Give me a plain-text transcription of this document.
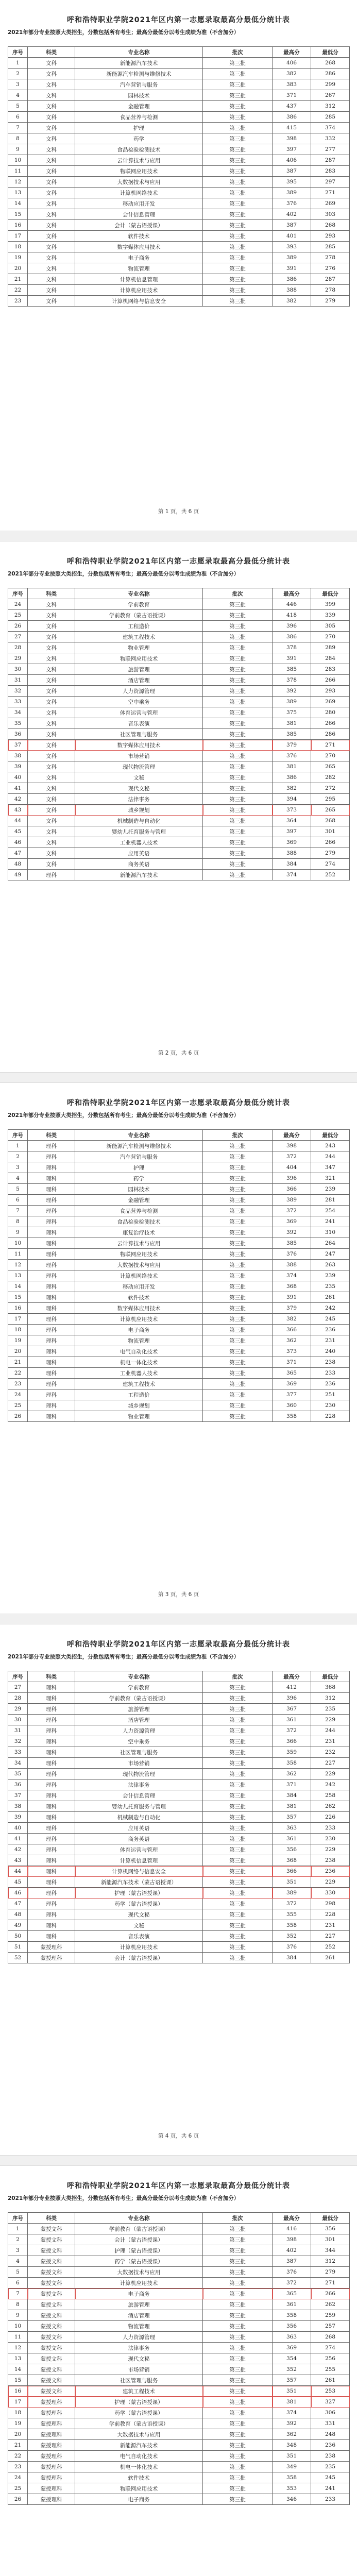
呼和浩特职业学院2021年区内第一志愿录取最高分最低分统计表
2021年部分专业按照大类招生，分数包括所有考生；最高分最低分以考生成绩为准（不含加分）
序号	科类	专业名称	批次	最高分	最低分
1	文科	新能源汽车技术	第三批	406	268
2	文科	新能源汽车检测与维修技术	第三批	382	286
3	文科	汽车营销与服务	第三批	383	299
4	文科	园林技术	第三批	371	267
5	文科	金融管理	第三批	437	312
6	文科	食品营养与检测	第三批	386	285
7	文科	护理	第三批	415	374
8	文科	药学	第三批	398	332
9	文科	食品检验检测技术	第三批	397	277
10	文科	云计算技术与应用	第三批	406	287
11	文科	物联网应用技术	第三批	387	283
12	文科	大数据技术与应用	第三批	395	297
13	文科	计算机网络技术	第三批	389	271
14	文科	移动应用开发	第三批	376	269
15	文科	会计信息管理	第三批	402	303
16	文科	会计（蒙古语授课）	第三批	387	268
17	文科	软件技术	第三批	401	293
18	文科	数字媒体应用技术	第三批	393	285
19	文科	电子商务	第三批	389	278
20	文科	物流管理	第三批	391	276
21	文科	计算机信息管理	第三批	386	287
22	文科	计算机应用技术	第三批	388	278
23	文科	计算机网络与信息安全	第三批	382	279
第 1 页，共 6 页
呼和浩特职业学院2021年区内第一志愿录取最高分最低分统计表
2021年部分专业按照大类招生，分数包括所有考生；最高分最低分以考生成绩为准（不含加分）
序号	科类	专业名称	批次	最高分	最低分
24	文科	学前教育	第三批	446	399
25	文科	学前教育（蒙古语授课）	第三批	418	339
26	文科	工程造价	第三批	396	305
27	文科	建筑工程技术	第三批	386	270
28	文科	物业管理	第三批	378	289
29	文科	物联网应用技术	第三批	391	284
30	文科	旅游管理	第三批	385	283
31	文科	酒店管理	第三批	378	266
32	文科	人力资源管理	第三批	392	293
33	文科	空中乘务	第三批	389	269
34	文科	体育运营与管理	第三批	375	280
35	文科	音乐表演	第三批	381	266
36	文科	社区管理与服务	第三批	385	286
37	文科	数字媒体应用技术	第三批	379	271
38	文科	市场营销	第三批	376	270
39	文科	现代物流管理	第三批	381	265
40	文科	文秘	第三批	386	282
41	文科	现代文秘	第三批	382	272
42	文科	法律事务	第三批	394	295
43	文科	城乡规划	第三批	373	265
44	文科	机械制造与自动化	第三批	364	268
45	文科	婴幼儿托育服务与管理	第三批	397	301
46	文科	工业机器人技术	第三批	369	266
47	文科	应用英语	第三批	388	279
48	文科	商务英语	第三批	384	274
49	理科	新能源汽车技术	第三批	374	252
第 2 页，共 6 页
呼和浩特职业学院2021年区内第一志愿录取最高分最低分统计表
2021年部分专业按照大类招生，分数包括所有考生；最高分最低分以考生成绩为准（不含加分）
序号	科类	专业名称	批次	最高分	最低分
1	理科	新能源汽车检测与维修技术	第三批	398	243
2	理科	汽车营销与服务	第三批	372	244
3	理科	护理	第三批	404	347
4	理科	药学	第三批	396	321
5	理科	园林技术	第三批	366	239
6	理科	金融管理	第三批	389	281
7	理科	食品营养与检测	第三批	372	254
8	理科	食品检验检测技术	第三批	369	241
9	理科	康复治疗技术	第三批	392	310
10	理科	云计算技术与应用	第三批	385	264
11	理科	物联网应用技术	第三批	376	247
12	理科	大数据技术与应用	第三批	388	263
13	理科	计算机网络技术	第三批	374	239
14	理科	移动应用开发	第三批	368	235
15	理科	软件技术	第三批	391	261
16	理科	数字媒体应用技术	第三批	379	242
17	理科	计算机应用技术	第三批	382	245
18	理科	电子商务	第三批	366	236
19	理科	物流管理	第三批	362	231
20	理科	电气自动化技术	第三批	373	240
21	理科	机电一体化技术	第三批	371	238
22	理科	工业机器人技术	第三批	365	233
23	理科	建筑工程技术	第三批	369	236
24	理科	工程造价	第三批	377	251
25	理科	城乡规划	第三批	360	230
26	理科	物业管理	第三批	358	228
第 3 页，共 6 页
呼和浩特职业学院2021年区内第一志愿录取最高分最低分统计表
2021年部分专业按照大类招生，分数包括所有考生；最高分最低分以考生成绩为准（不含加分）
序号	科类	专业名称	批次	最高分	最低分
27	理科	学前教育	第三批	412	368
28	理科	学前教育（蒙古语授课）	第三批	396	312
29	理科	旅游管理	第三批	367	235
30	理科	酒店管理	第三批	361	229
31	理科	人力资源管理	第三批	372	244
32	理科	空中乘务	第三批	366	231
33	理科	社区管理与服务	第三批	359	232
34	理科	市场营销	第三批	358	227
35	理科	现代物流管理	第三批	362	229
36	理科	法律事务	第三批	371	242
37	理科	会计信息管理	第三批	384	258
38	理科	婴幼儿托育服务与管理	第三批	381	262
39	理科	机械制造与自动化	第三批	357	226
40	理科	应用英语	第三批	363	233
41	理科	商务英语	第三批	361	230
42	理科	体育运营与管理	第三批	356	229
43	理科	计算机信息管理	第三批	368	238
44	理科	计算机网络与信息安全	第三批	366	236
45	理科	新能源汽车技术（蒙古语授课）	第三批	351	229
46	理科	护理（蒙古语授课）	第三批	389	330
47	理科	药学（蒙古语授课）	第三批	372	298
48	理科	现代文秘	第三批	355	228
49	理科	文秘	第三批	358	231
50	理科	音乐表演	第三批	352	227
51	蒙授理科	计算机应用技术	第三批	376	252
52	蒙授理科	会计（蒙古语授课）	第三批	384	261
第 4 页，共 6 页
呼和浩特职业学院2021年区内第一志愿录取最高分最低分统计表
2021年部分专业按照大类招生，分数包括所有考生；最高分最低分以考生成绩为准（不含加分）
序号	科类	专业名称	批次	最高分	最低分
1	蒙授文科	学前教育（蒙古语授课）	第三批	416	356
2	蒙授文科	会计（蒙古语授课）	第三批	398	301
3	蒙授文科	护理（蒙古语授课）	第三批	402	344
4	蒙授文科	药学（蒙古语授课）	第三批	387	312
5	蒙授文科	大数据技术与应用	第三批	376	279
6	蒙授文科	计算机应用技术	第三批	372	271
7	蒙授文科	电子商务	第三批	365	266
8	蒙授文科	旅游管理	第三批	361	262
9	蒙授文科	酒店管理	第三批	358	259
10	蒙授文科	物流管理	第三批	356	257
11	蒙授文科	人力资源管理	第三批	363	268
12	蒙授文科	法律事务	第三批	369	274
13	蒙授文科	现代文秘	第三批	354	256
14	蒙授文科	市场营销	第三批	352	255
15	蒙授文科	社区管理与服务	第三批	357	261
16	蒙授文科	建筑工程技术	第三批	351	253
17	蒙授理科	护理（蒙古语授课）	第三批	381	327
18	蒙授理科	药学（蒙古语授课）	第三批	374	306
19	蒙授理科	学前教育（蒙古语授课）	第三批	392	331
20	蒙授理科	大数据技术与应用	第三批	362	248
21	蒙授理科	新能源汽车技术	第三批	348	236
22	蒙授理科	电气自动化技术	第三批	351	238
23	蒙授理科	机电一体化技术	第三批	349	235
24	蒙授理科	软件技术	第三批	358	245
25	蒙授理科	物联网应用技术	第三批	353	241
26	蒙授理科	电子商务	第三批	346	233
